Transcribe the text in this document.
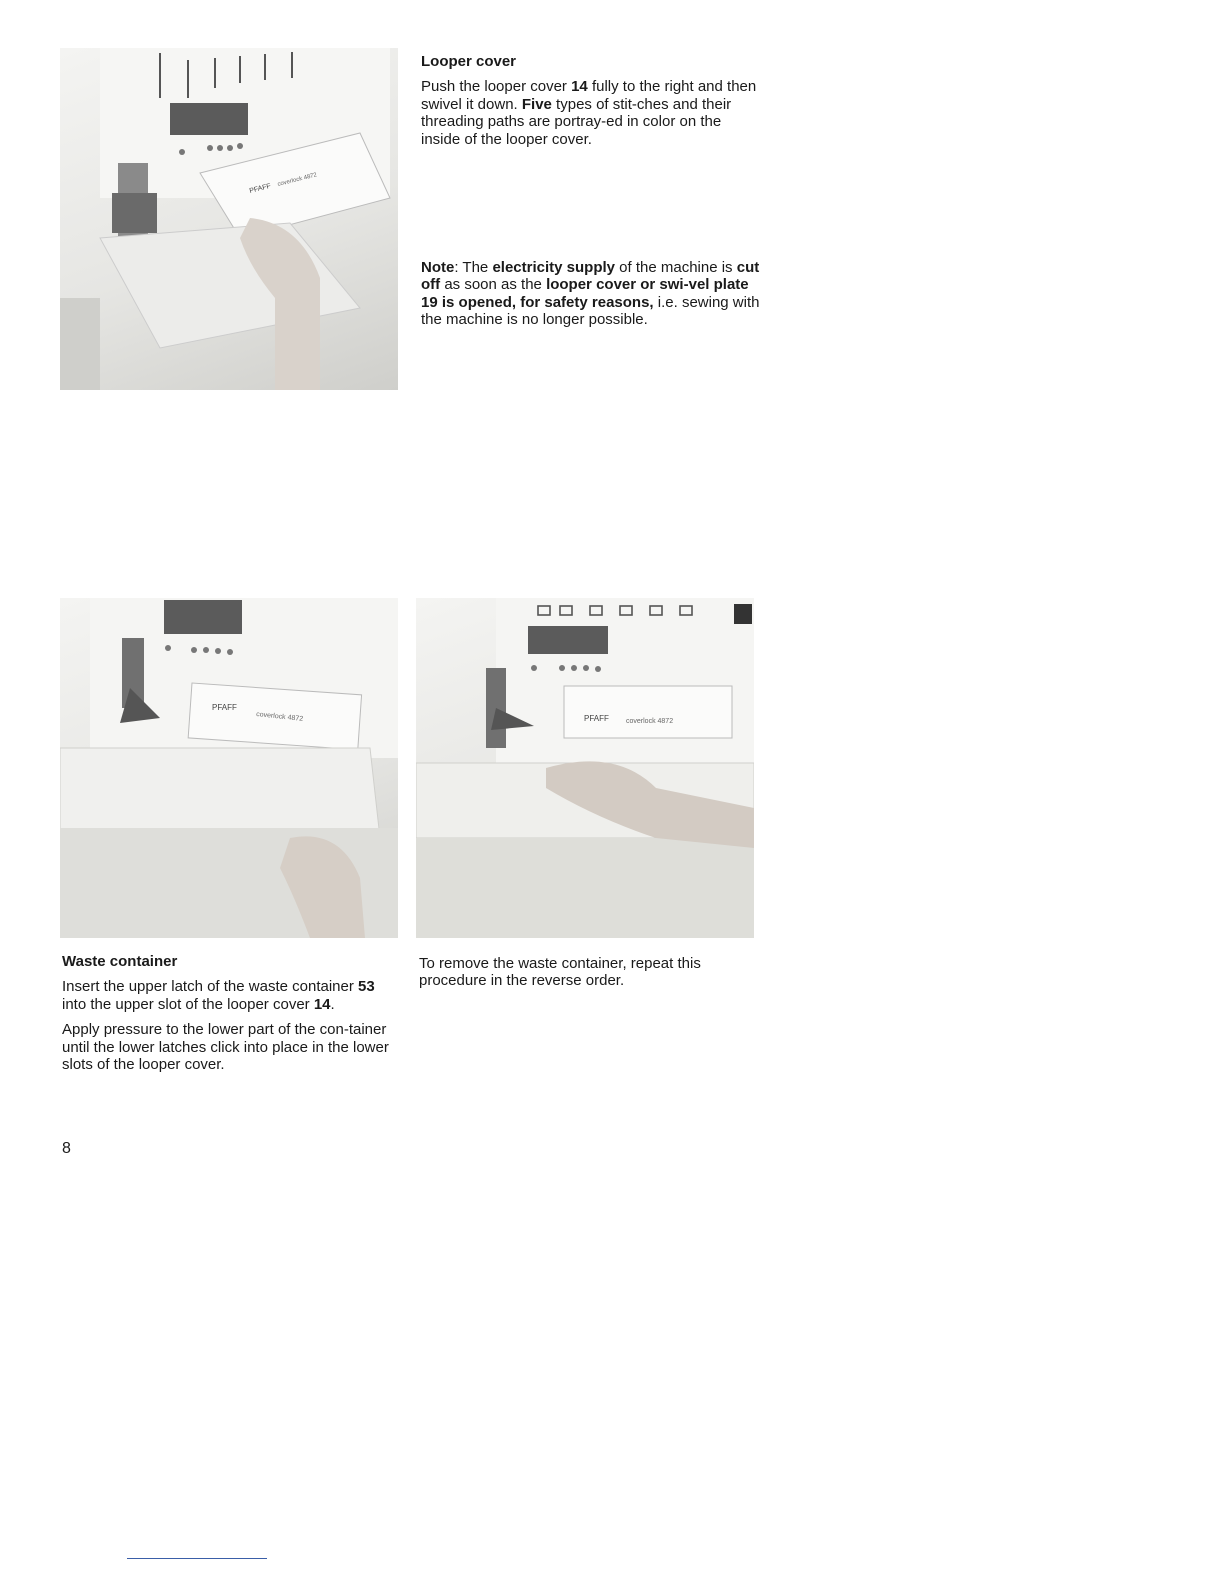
PFAFF
coverlock 4872
Looper cover

Push the looper cover 14 fully to the right and then swivel it down. Five types of stit-ches and their threading paths are portray-ed in color on the inside of the looper cover.

Note: The electricity supply of the machine is cut off as soon as the looper cover or swi-vel plate 19 is opened, for safety reasons, i.e. sewing with the machine is no longer possible.

PFAFF
coverlock 4872	PFAFF coverlock 4872
Waste container

Insert the upper latch of the waste container 53 into the upper slot of the looper cover 14.

Apply pressure to the lower part of the con-tainer until the lower latches click into place in the lower slots of the looper cover.

To remove the waste container, repeat this procedure in the reverse order.

8
